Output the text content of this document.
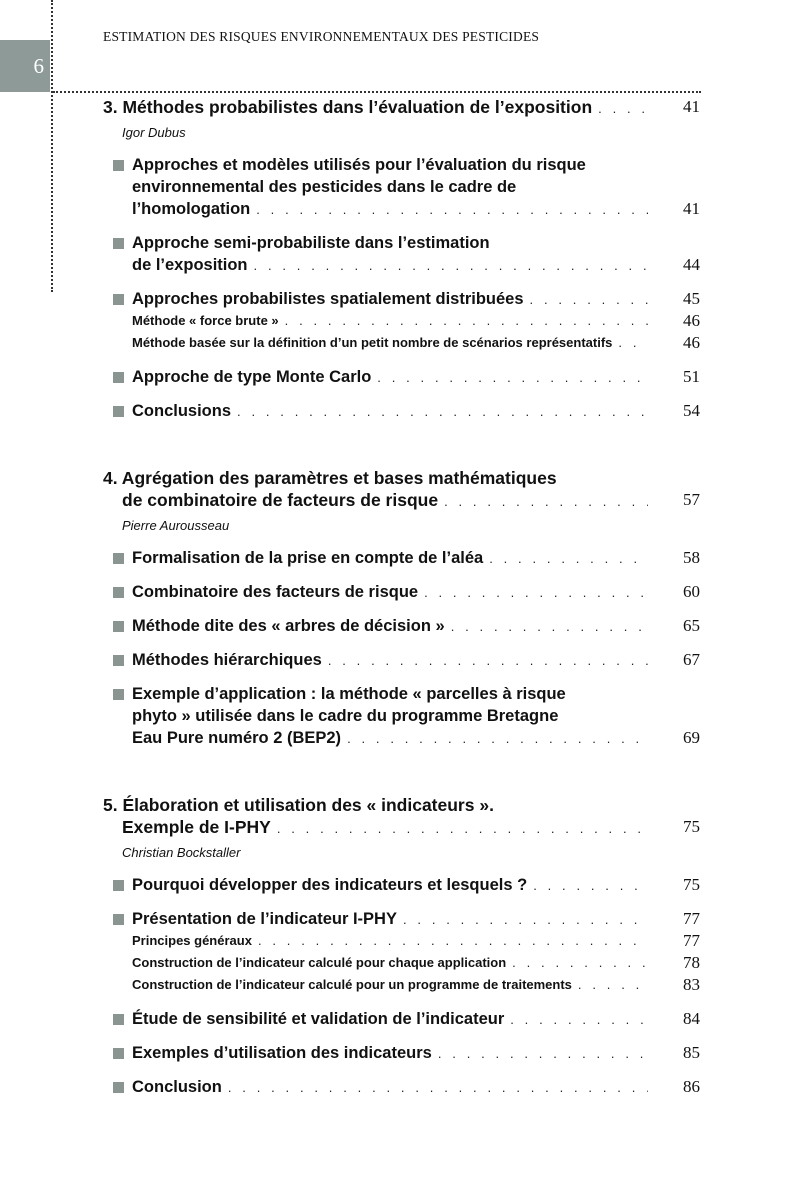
6
ESTIMATION DES RISQUES ENVIRONNEMENTAUX DES PESTICIDES
3. Méthodes probabilistes dans l’évaluation de l’exposition . . .	41
Igor Dubus
Approches et modèles utilisés pour l’évaluation du risque
environnemental des pesticides dans le cadre de
l’homologation . . .	41
Approche semi-probabiliste dans l’estimation
de l’exposition . . .	44
Approches probabilistes spatialement distribuées . . .	45
Méthode « force brute » . . .	46
Méthode basée sur la définition d’un petit nombre de scénarios représentatifs . . .	46
Approche de type Monte Carlo . . .	51
Conclusions . . .	54
4. Agrégation des paramètres et bases mathématiques
de combinatoire de facteurs de risque . . .	57
Pierre Aurousseau
Formalisation de la prise en compte de l’aléa . . .	58
Combinatoire des facteurs de risque . . .	60
Méthode dite des « arbres de décision » . . .	65
Méthodes hiérarchiques . . .	67
Exemple d’application : la méthode « parcelles à risque
phyto » utilisée dans le cadre du programme Bretagne
Eau Pure numéro 2 (BEP2) . . .	69
5. Élaboration et utilisation des « indicateurs ».
Exemple de I-PHY . . .	75
Christian Bockstaller
Pourquoi développer des indicateurs et lesquels ? . . .	75
Présentation de l’indicateur I-PHY . . .	77
Principes généraux . . .	77
Construction de l’indicateur calculé pour chaque application . . .	78
Construction de l’indicateur calculé pour un programme de traitements . . .	83
Étude de sensibilité et validation de l’indicateur . . .	84
Exemples d’utilisation des indicateurs . . .	85
Conclusion . . .	86
